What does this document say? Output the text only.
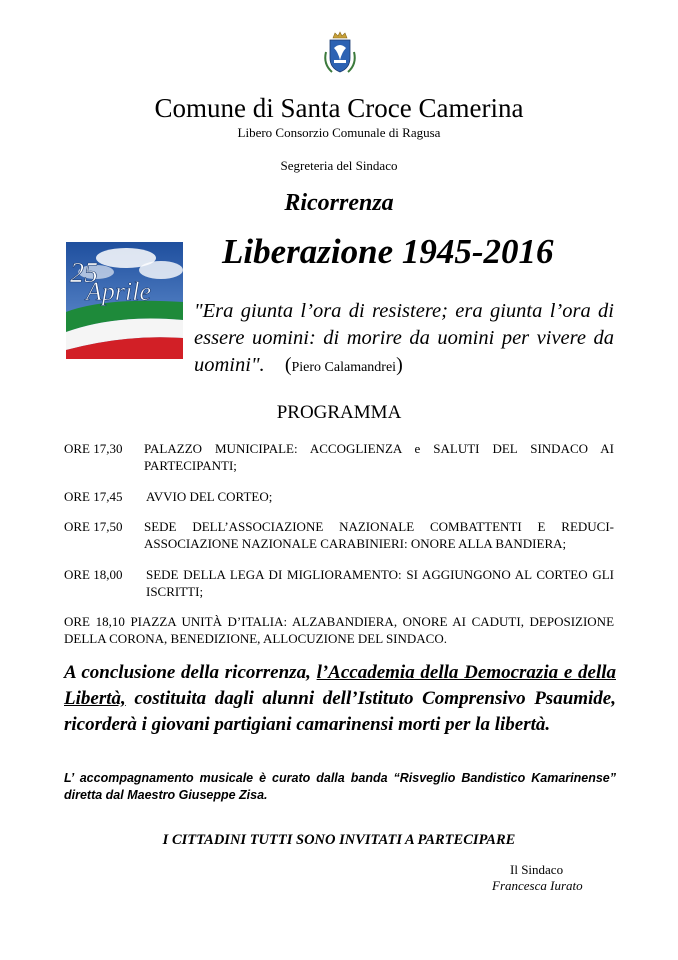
Comune di Santa Croce Camerina
Libero Consorzio Comunale di Ragusa
Segreteria del Sindaco
Ricorrenza
25
Aprile
Liberazione 1945-2016
"Era giunta l’ora di resistere; era giunta l’ora di essere uomini: di morire da uomini per vivere da uomini". (Piero Calamandrei)
PROGRAMMA
ORE 17,30	PALAZZO MUNICIPALE: ACCOGLIENZA e SALUTI DEL SINDACO AI PARTECIPANTI;
ORE 17,45	AVVIO DEL CORTEO;
ORE 17,50	SEDE DELL’ASSOCIAZIONE NAZIONALE COMBATTENTI E REDUCI- ASSOCIAZIONE NAZIONALE CARABINIERI: ONORE ALLA BANDIERA;
ORE 18,00	SEDE DELLA LEGA DI MIGLIORAMENTO: SI AGGIUNGONO AL CORTEO GLI ISCRITTI;
ORE 18,10 PIAZZA UNITÀ D’ITALIA: ALZABANDIERA, ONORE AI CADUTI, DEPOSIZIONE DELLA CORONA, BENEDIZIONE, ALLOCUZIONE DEL SINDACO.
A conclusione della ricorrenza, l’Accademia della Democrazia e della Libertà, costituita dagli alunni dell’Istituto Comprensivo Psaumide, ricorderà i giovani partigiani camarinensi morti per la libertà.
L’ accompagnamento musicale è curato dalla banda “Risveglio Bandistico Kamarinense” diretta dal Maestro Giuseppe Zisa.
I CITTADINI TUTTI SONO INVITATI A PARTECIPARE
Il Sindaco
Francesca Iurato
